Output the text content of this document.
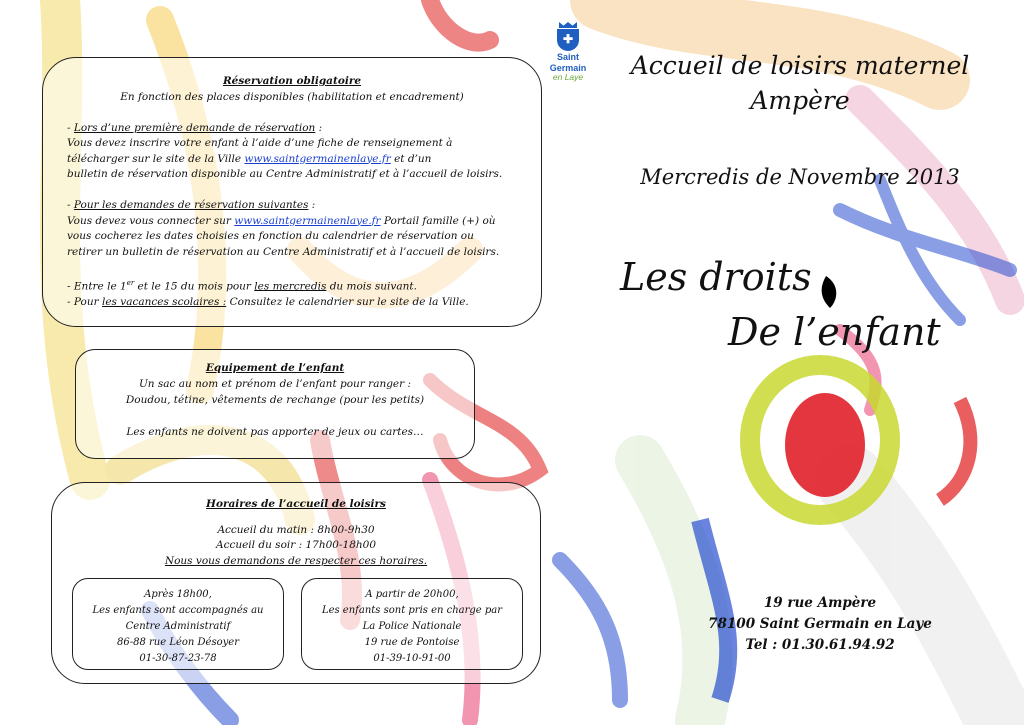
✚
Saint
Germain
en Laye

Réservation obligatoire

En fonction des places disponibles (habilitation et encadrement)

- Lors d’une première demande de réservation :

Vous devez inscrire votre enfant à l’aide d’une fiche de renseignement à

télécharger sur le site de la Ville www.saintgermainenlaye.fr et d’un

bulletin de réservation disponible au Centre Administratif et à l’accueil de loisirs.

- Pour les demandes de réservation suivantes :

Vous devez vous connecter sur www.saintgermainenlaye.fr Portail famille (+) où

vous cocherez les dates choisies en fonction du calendrier de réservation ou

retirer un bulletin de réservation au Centre Administratif et à l’accueil de loisirs.

- Entre le 1er et le 15 du mois pour les mercredis du mois suivant.

- Pour les vacances scolaires : Consultez le calendrier sur le site de la Ville.

Equipement de l’enfant

Un sac au nom et prénom de l’enfant pour ranger :

Doudou, tétine, vêtements de rechange (pour les petits)

Les enfants ne doivent pas apporter de jeux ou cartes…

Horaires de l’accueil de loisirs

Accueil du matin : 8h00-9h30

Accueil du soir : 17h00-18h00

Nous vous demandons de respecter ces horaires.

Après 18h00,

Les enfants sont accompagnés au

Centre Administratif

86-88 rue Léon Désoyer

01-30-87-23-78

A partir de 20h00,

Les enfants sont pris en charge par

La Police Nationale

19 rue de Pontoise

01-39-10-91-00

Accueil de loisirs maternel
Ampère
Mercredis de Novembre 2013
Les droits
De l’enfant
19 rue Ampère
78100 Saint Germain en Laye
Tel : 01.30.61.94.92
